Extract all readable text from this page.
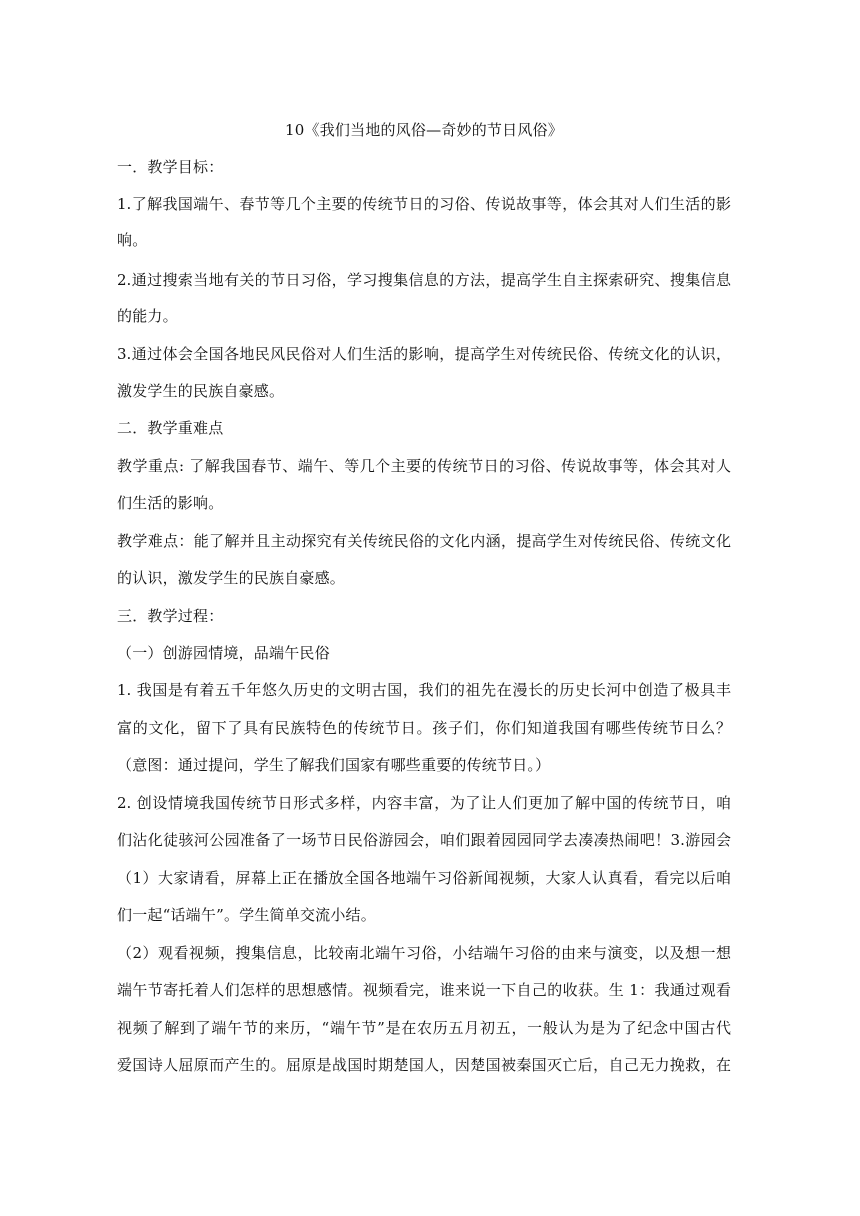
10《我们当地的风俗—奇妙的节日风俗》
一．教学目标：
1.了解我国端午、春节等几个主要的传统节日的习俗、传说故事等，体会其对人们生活的影
响。
2.通过搜索当地有关的节日习俗，学习搜集信息的方法，提高学生自主探索研究、搜集信息
的能力。
3.通过体会全国各地民风民俗对人们生活的影响，提高学生对传统民俗、传统文化的认识，
激发学生的民族自豪感。
二．教学重难点
教学重点: 了解我国春节、端午、等几个主要的传统节日的习俗、传说故事等，体会其对人
们生活的影响。
教学难点：能了解并且主动探究有关传统民俗的文化内涵，提高学生对传统民俗、传统文化
的认识，激发学生的民族自豪感。
三．教学过程：
（一）创游园情境，品端午民俗
1. 我国是有着五千年悠久历史的文明古国，我们的祖先在漫长的历史长河中创造了极具丰
富的文化，留下了具有民族特色的传统节日。孩子们，你们知道我国有哪些传统节日么？
（意图：通过提问，学生了解我们国家有哪些重要的传统节日。）
2. 创设情境我国传统节日形式多样，内容丰富，为了让人们更加了解中国的传统节日，咱
们沾化徒骇河公园准备了一场节日民俗游园会，咱们跟着园园同学去凑凑热闹吧！3.游园会
（1）大家请看，屏幕上正在播放全国各地端午习俗新闻视频，大家人认真看，看完以后咱
们一起“话端午”。学生简单交流小结。
（2）观看视频，搜集信息，比较南北端午习俗，小结端午习俗的由来与演变，以及想一想
端午节寄托着人们怎样的思想感情。视频看完，谁来说一下自己的收获。生 1：我通过观看
视频了解到了端午节的来历，“端午节”是在农历五月初五，一般认为是为了纪念中国古代
爱国诗人屈原而产生的。屈原是战国时期楚国人，因楚国被秦国灭亡后，自己无力挽救，在
